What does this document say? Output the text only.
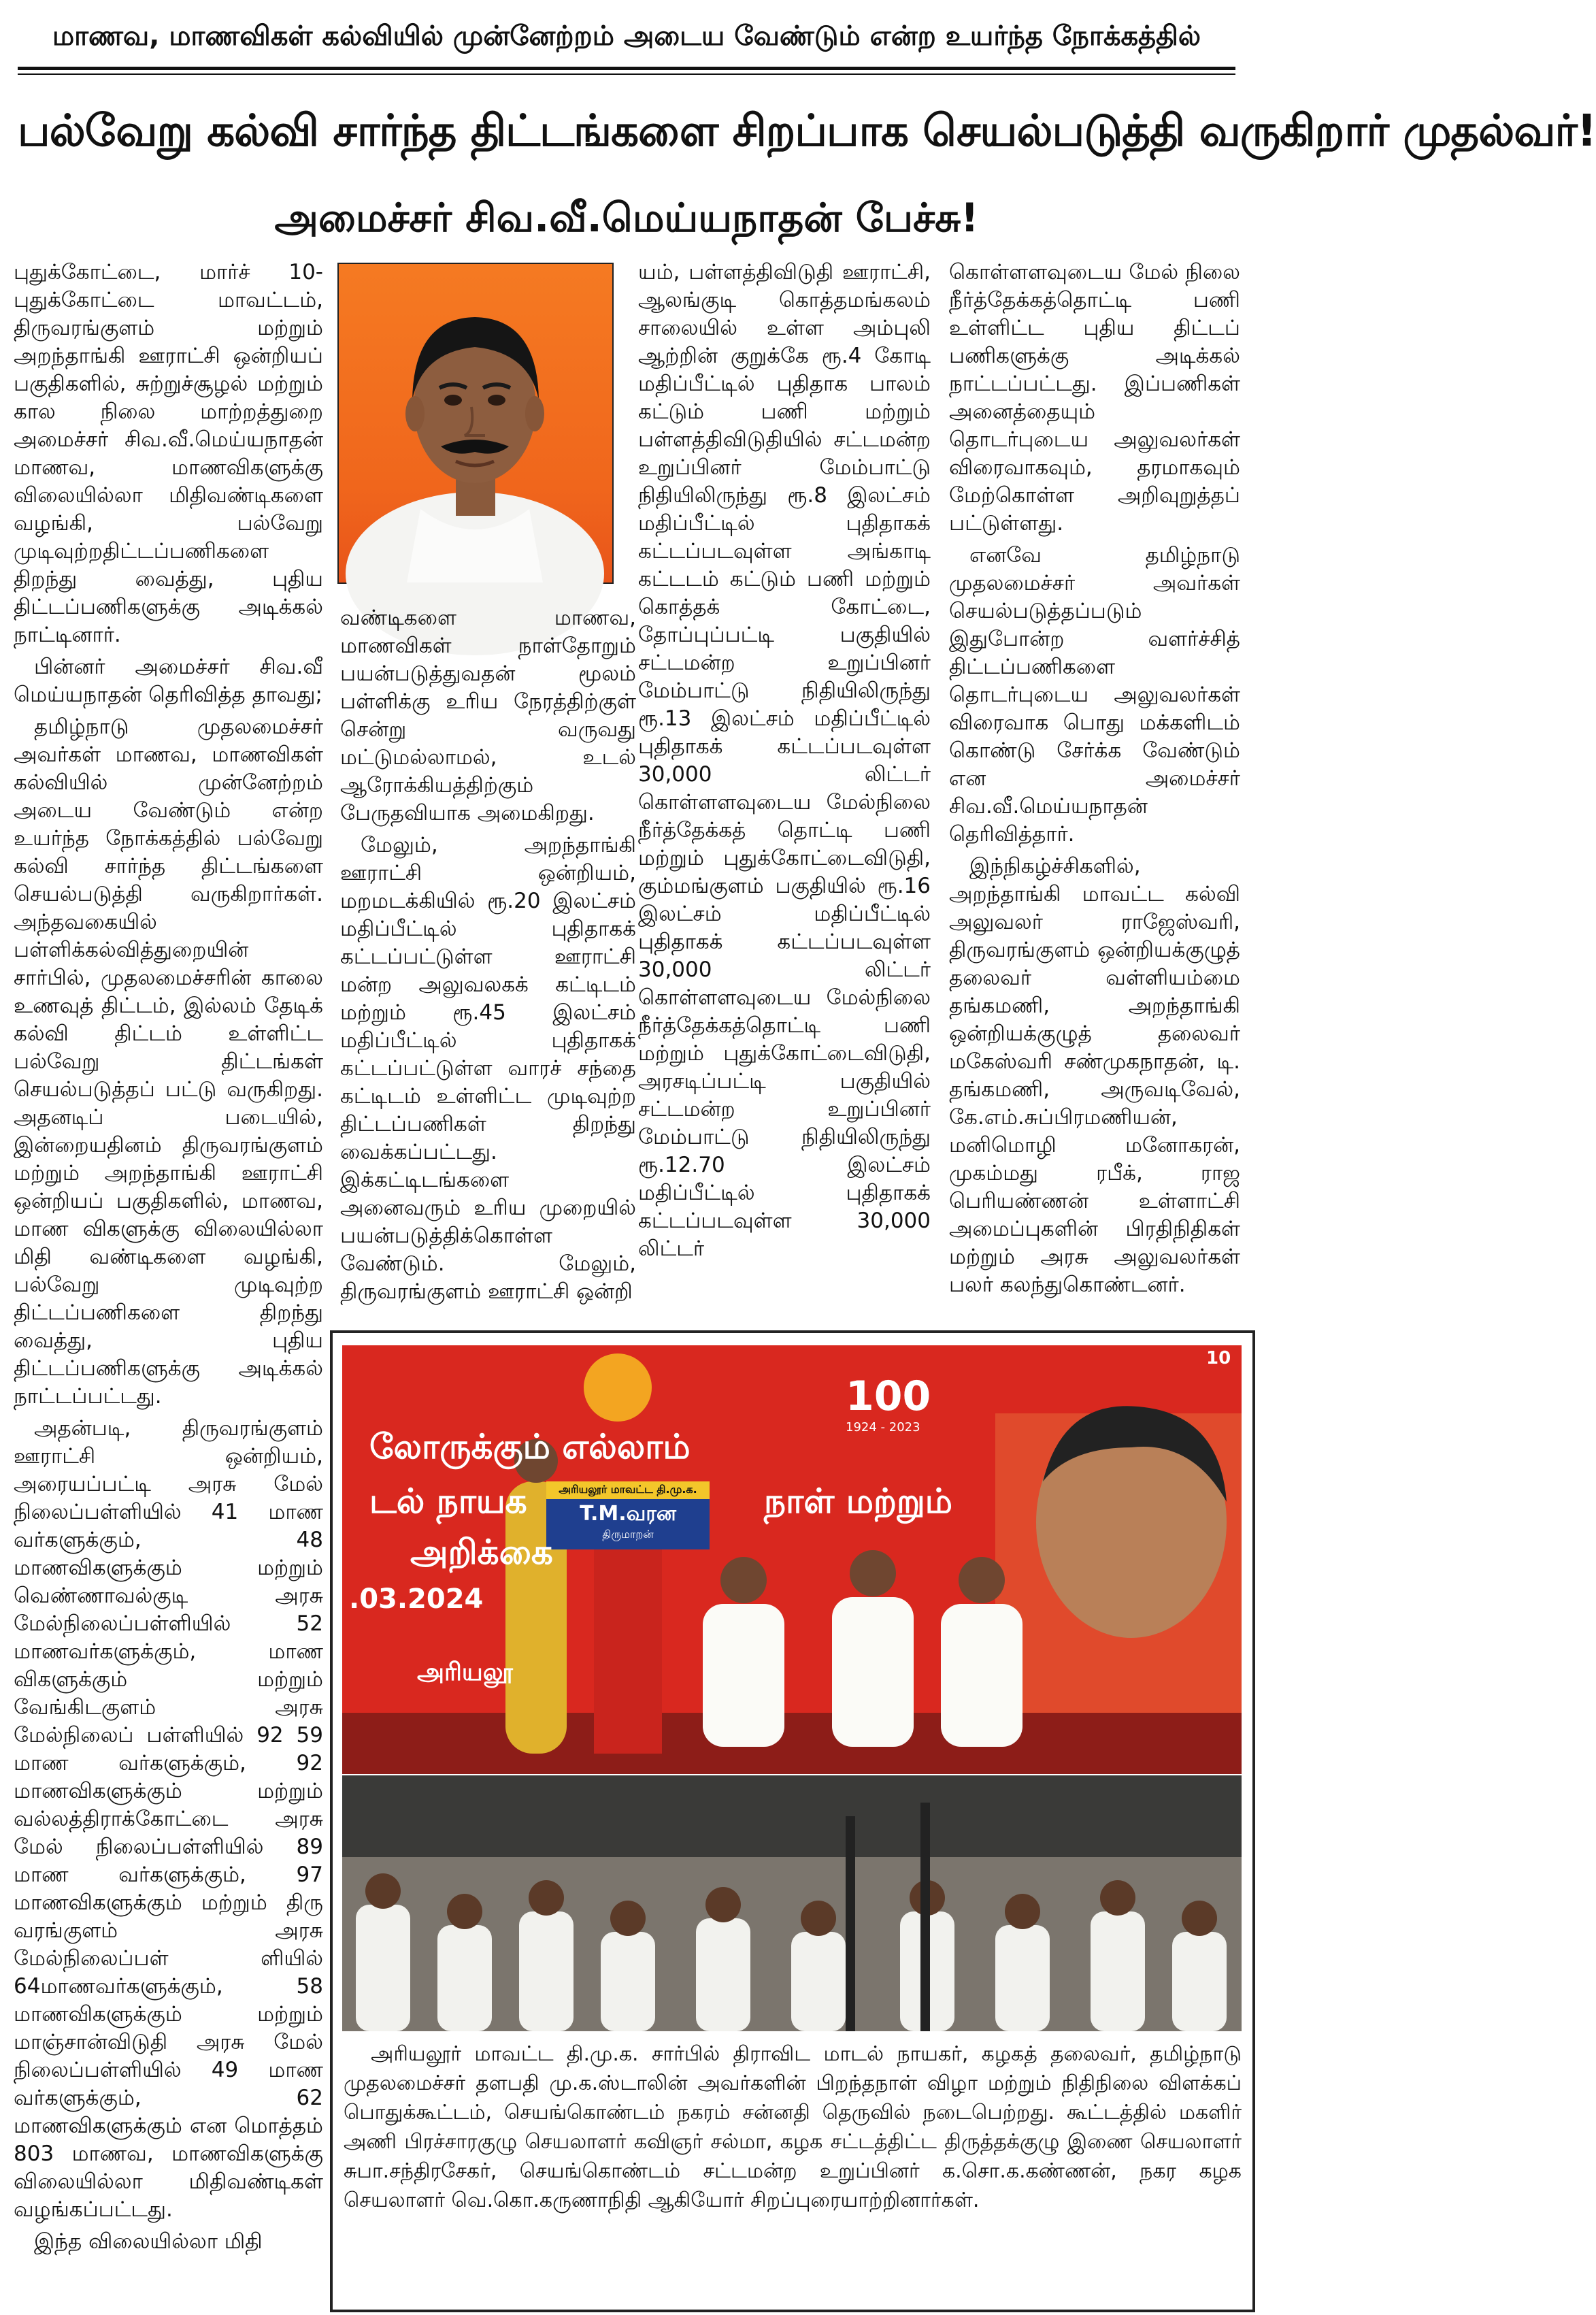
மாணவ, மாணவிகள் கல்வியில் முன்னேற்றம் அடைய வேண்டும் என்ற உயர்ந்த நோக்கத்தில்
பல்வேறு கல்வி சார்ந்த திட்டங்களை சிறப்பாக செயல்படுத்தி வருகிறார் முதல்வர்!
அமைச்சர் சிவ.வீ.மெய்யநாதன் பேச்சு!

புதுக்கோட்டை, மார்ச் 10- புதுக்கோட்டை மாவட்டம், திருவரங்குளம் மற்றும் அறந்தாங்கி ஊராட்சி ஒன்றியப் பகுதிகளில், சுற்றுச்சூழல் மற்றும் கால நிலை மாற்றத்துறை அமைச்சர் சிவ.வீ.மெய்யநாதன் மாணவ, மாணவிகளுக்கு விலையில்லா மிதிவண்டிகளை வழங்கி, பல்வேறு முடிவுற்றதிட்டப்பணிகளை திறந்து வைத்து, புதிய திட்டப்பணிகளுக்கு அடிக்கல் நாட்டினார்.

பின்னர் அமைச்சர் சிவ.வீ மெய்யநாதன் தெரிவித்த தாவது;

தமிழ்நாடு முதலமைச்சர் அவர்கள் மாணவ, மாணவிகள் கல்வியில் முன்னேற்றம் அடைய வேண்டும் என்ற உயர்ந்த நோக்கத்தில் பல்வேறு கல்வி சார்ந்த திட்டங்களை செயல்படுத்தி வருகிறார்கள். அந்தவகையில் பள்ளிக்கல்வித்துறையின் சார்பில், முதலமைச்சரின் காலை உணவுத் திட்டம், இல்லம் தேடிக் கல்வி திட்டம் உள்ளிட்ட பல்வேறு திட்டங்கள் செயல்படுத்தப் பட்டு வருகிறது. அதனடிப் படையில், இன்றையதினம் திருவரங்குளம் மற்றும் அறந்தாங்கி ஊராட்சி ஒன்றியப் பகுதிகளில், மாணவ, மாண விகளுக்கு விலையில்லா மிதி வண்டிகளை வழங்கி, பல்வேறு முடிவுற்ற திட்டப்பணிகளை திறந்து வைத்து, புதிய திட்டப்பணிகளுக்கு அடிக்கல் நாட்டப்பட்டது.

அதன்படி, திருவரங்குளம் ஊராட்சி ஒன்றியம், அரையப்பட்டி அரசு மேல் நிலைப்பள்ளியில் 41 மாண வர்களுக்கும், 48 மாணவிகளுக்கும் மற்றும் வெண்ணாவல்குடி அரசு மேல்நிலைப்பள்ளியில் 52 மாணவர்களுக்கும், மாண விகளுக்கும் மற்றும் வேங்கிடகுளம் அரசு மேல்நிலைப் பள்ளியில் 92 59 மாண வர்களுக்கும், 92 மாணவிகளுக்கும் மற்றும் வல்லத்திராக்கோட்டை அரசு மேல் நிலைப்பள்ளியில் 89 மாண வர்களுக்கும், 97 மாணவிகளுக்கும் மற்றும் திரு வரங்குளம் அரசு மேல்நிலைப்பள் ளியில் 64மாணவர்களுக்கும், 58 மாணவிகளுக்கும் மற்றும் மாஞ்சான்விடுதி அரசு மேல் நிலைப்பள்ளியில் 49 மாண வர்களுக்கும், 62 மாணவிகளுக்கும் என மொத்தம் 803 மாணவ, மாணவிகளுக்கு விலையில்லா மிதிவண்டிகள் வழங்கப்பட்டது.

இந்த விலையில்லா மிதி

வண்டிகளை மாணவ, மாணவிகள் நாள்தோறும் பயன்படுத்துவதன் மூலம் பள்ளிக்கு உரிய நேரத்திற்குள் சென்று வருவது மட்டுமல்லாமல், உடல் ஆரோக்கியத்திற்கும் பேருதவியாக அமைகிறது.

மேலும், அறந்தாங்கி ஊராட்சி ஒன்றியம், மறமடக்கியில் ரூ.20 இலட்சம் மதிப்பீட்டில் புதிதாகக் கட்டப்பட்டுள்ள ஊராட்சி மன்ற அலுவலகக் கட்டிடம் மற்றும் ரூ.45 இலட்சம் மதிப்பீட்டில் புதிதாகக் கட்டப்பட்டுள்ள வாரச் சந்தை கட்டிடம் உள்ளிட்ட முடிவுற்ற திட்டப்பணிகள் திறந்து வைக்கப்பட்டது. இக்கட்டிடங்களை அனைவரும் உரிய முறையில் பயன்படுத்திக்கொள்ள வேண்டும். மேலும், திருவரங்குளம் ஊராட்சி ஒன்றி

யம், பள்ளத்திவிடுதி ஊராட்சி, ஆலங்குடி கொத்தமங்கலம் சாலையில் உள்ள அம்புலி ஆற்றின் குறுக்கே ரூ.4 கோடி மதிப்பீட்டில் புதிதாக பாலம் கட்டும் பணி மற்றும் பள்ளத்திவிடுதியில் சட்டமன்ற உறுப்பினர் மேம்பாட்டு நிதியிலிருந்து ரூ.8 இலட்சம் மதிப்பீட்டில் புதிதாகக் கட்டப்படவுள்ள அங்காடி கட்டடம் கட்டும் பணி மற்றும் கொத்தக் கோட்டை, தோப்புப்பட்டி பகுதியில் சட்டமன்ற உறுப்பினர் மேம்பாட்டு நிதியிலிருந்து ரூ.13 இலட்சம் மதிப்பீட்டில் புதிதாகக் கட்டப்படவுள்ள 30,000 லிட்டர் கொள்ளளவுடைய மேல்நிலை நீர்த்தேக்கத் தொட்டி பணி மற்றும் புதுக்கோட்டைவிடுதி, கும்மங்குளம் பகுதியில் ரூ.16 இலட்சம் மதிப்பீட்டில் புதிதாகக் கட்டப்படவுள்ள 30,000 லிட்டர் கொள்ளளவுடைய மேல்நிலை நீர்த்தேக்கத்தொட்டி பணி மற்றும் புதுக்கோட்டைவிடுதி, அரசடிப்பட்டி பகுதியில் சட்டமன்ற உறுப்பினர் மேம்பாட்டு நிதியிலிருந்து ரூ.12.70 இலட்சம் மதிப்பீட்டில் புதிதாகக் கட்டப்படவுள்ள 30,000 லிட்டர்

கொள்ளளவுடைய மேல் நிலை நீர்த்தேக்கத்தொட்டி பணி உள்ளிட்ட புதிய திட்டப் பணிகளுக்கு அடிக்கல் நாட்டப்பட்டது. இப்பணிகள் அனைத்தையும் தொடர்புடைய அலுவலர்கள் விரைவாகவும், தரமாகவும் மேற்கொள்ள அறிவுறுத்தப் பட்டுள்ளது.

எனவே தமிழ்நாடு முதலமைச்சர் அவர்கள் செயல்படுத்தப்படும் இதுபோன்ற வளர்ச்சித் திட்டப்பணிகளை தொடர்புடைய அலுவலர்கள் விரைவாக பொது மக்களிடம் கொண்டு சேர்க்க வேண்டும் என அமைச்சர் சிவ.வீ.மெய்யநாதன் தெரிவித்தார்.

இந்நிகழ்ச்சிகளில், அறந்தாங்கி மாவட்ட கல்வி அலுவலர் ராஜேஸ்வரி, திருவரங்குளம் ஒன்றியக்குழுத் தலைவர் வள்ளியம்மை தங்கமணி, அறந்தாங்கி ஒன்றியக்குழுத் தலைவர் மகேஸ்வரி சண்முகநாதன், டி. தங்கமணி, அருவடிவேல், கே.எம்.சுப்பிரமணியன், மனிமொழி மனோகரன், முகம்மது ரபீக், ராஜ பெரியண்ணன் உள்ளாட்சி அமைப்புகளின் பிரதிநிதிகள் மற்றும் அரசு அலுவலர்கள் பலர் கலந்துகொண்டனர்.

லோருக்கும் எல்லாம்
டல் நாயக	நாள் மற்றும்
அறிக்கை
.03.2024
அரியலூ
100
1924 - 2023
அரியலூர் மாவட்ட தி.மு.க.
T.M.வரன
திருமாறன்
10

அரியலூர் மாவட்ட தி.மு.க. சார்பில் திராவிட மாடல் நாயகர், கழகத் தலைவர், தமிழ்நாடு முதலமைச்சர் தளபதி மு.க.ஸ்டாலின் அவர்களின் பிறந்தநாள் விழா மற்றும் நிதிநிலை விளக்கப் பொதுக்கூட்டம், செயங்கொண்டம் நகரம் சன்னதி தெருவில் நடைபெற்றது. கூட்டத்தில் மகளிர் அணி பிரச்சாரகுழு செயலாளர் கவிஞர் சல்மா, கழக சட்டத்திட்ட திருத்தக்குழு இணை செயலாளர் சுபா.சந்திரசேகர், செயங்கொண்டம் சட்டமன்ற உறுப்பினர் க.சொ.க.கண்ணன், நகர கழக செயலாளர் வெ.கொ.கருணாநிதி ஆகியோர் சிறப்புரையாற்றினார்கள்.
